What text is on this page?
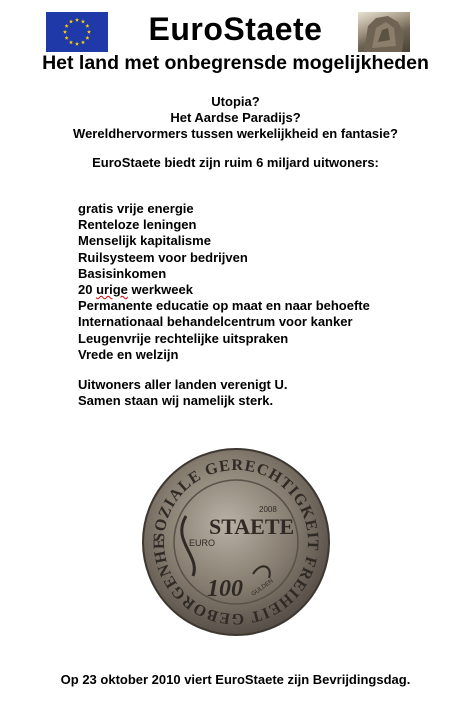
EuroStaete
Het land met onbegrensde mogelijkheden
Utopia?
Het Aardse Paradijs?
Wereldhervormers tussen werkelijkheid en fantasie?
EuroStaete biedt zijn ruim 6 miljard uitwoners:
gratis vrije energie
Renteloze leningen
Menselijk kapitalisme
Ruilsysteem voor bedrijven
Basisinkomen
20 urige werkweek
Permanente educatie op maat en naar behoefte
Internationaal behandelcentrum voor kanker
Leugenvrije rechtelijke uitspraken
Vrede en welzijn
Uitwoners aller landen verenigt U.
Samen staan wij namelijk sterk.
SOZIALE GERECHTIGKEIT FREIHEIT GEBORGENHE	EURO
STAETE
2008
100 GULDEN
Op 23 oktober 2010 viert EuroStaete zijn Bevrijdingsdag.
